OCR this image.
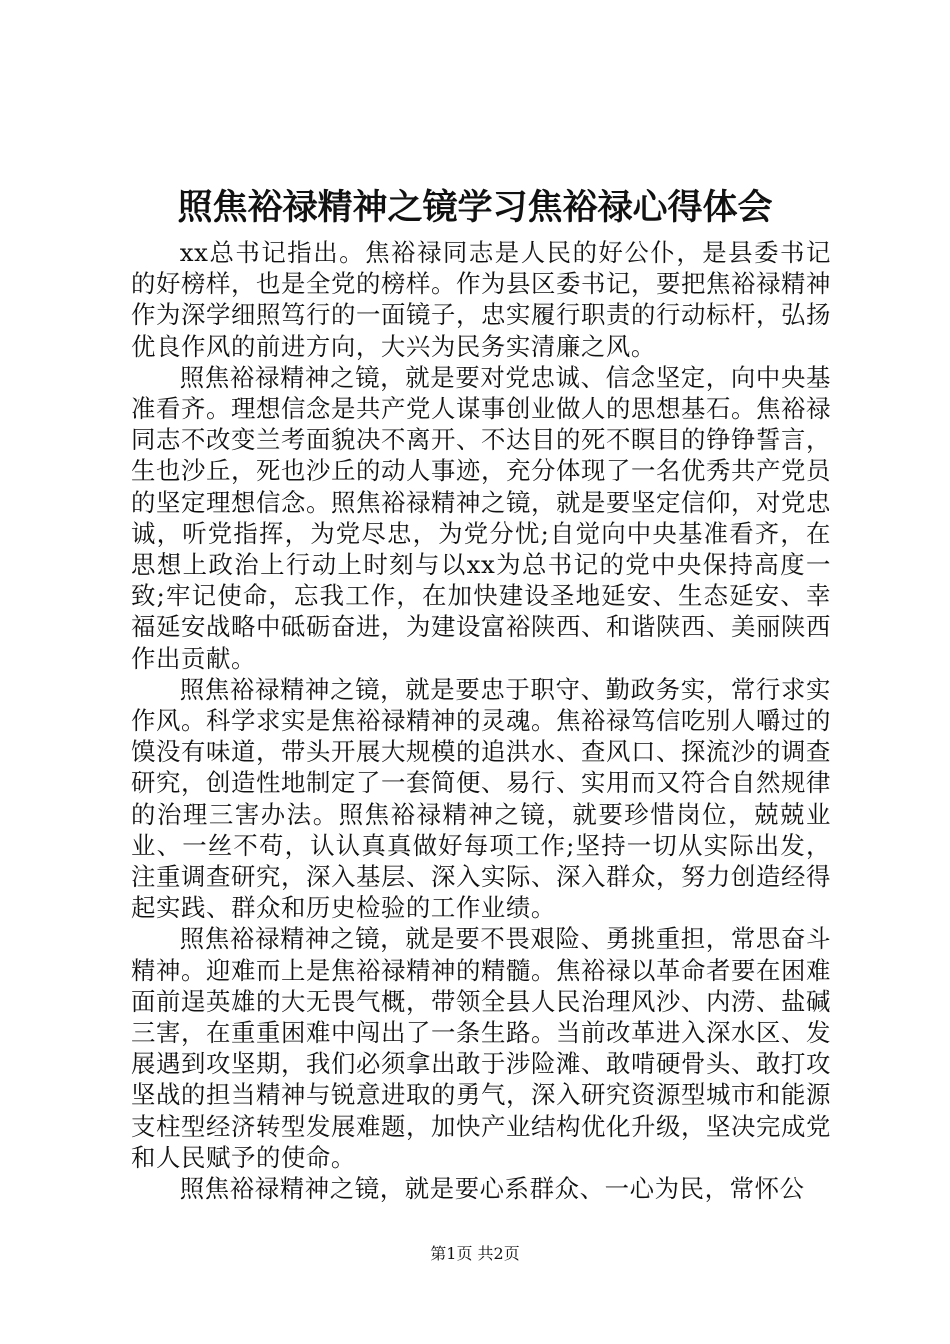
照焦裕禄精神之镜学习焦裕禄心得体会

xx总书记指出。焦裕禄同志是人民的好公仆，是县委书记的好榜样，也是全党的榜样。作为县区委书记，要把焦裕禄精神作为深学细照笃行的一面镜子，忠实履行职责的行动标杆，弘扬优良作风的前进方向，大兴为民务实清廉之风。

照焦裕禄精神之镜，就是要对党忠诚、信念坚定，向中央基准看齐。理想信念是共产党人谋事创业做人的思想基石。焦裕禄同志不改变兰考面貌决不离开、不达目的死不瞑目的铮铮誓言，生也沙丘，死也沙丘的动人事迹，充分体现了一名优秀共产党员的坚定理想信念。照焦裕禄精神之镜，就是要坚定信仰，对党忠诚，听党指挥，为党尽忠，为党分忧;自觉向中央基准看齐，在思想上政治上行动上时刻与以xx为总书记的党中央保持高度一致;牢记使命，忘我工作，在加快建设圣地延安、生态延安、幸福延安战略中砥砺奋进，为建设富裕陕西、和谐陕西、美丽陕西作出贡献。

照焦裕禄精神之镜，就是要忠于职守、勤政务实，常行求实作风。科学求实是焦裕禄精神的灵魂。焦裕禄笃信吃别人嚼过的馍没有味道，带头开展大规模的追洪水、查风口、探流沙的调查研究，创造性地制定了一套简便、易行、实用而又符合自然规律的治理三害办法。照焦裕禄精神之镜，就要珍惜岗位，兢兢业业、一丝不苟，认认真真做好每项工作;坚持一切从实际出发，注重调查研究，深入基层、深入实际、深入群众，努力创造经得起实践、群众和历史检验的工作业绩。

照焦裕禄精神之镜，就是要不畏艰险、勇挑重担，常思奋斗精神。迎难而上是焦裕禄精神的精髓。焦裕禄以革命者要在困难面前逞英雄的大无畏气概，带领全县人民治理风沙、内涝、盐碱三害，在重重困难中闯出了一条生路。当前改革进入深水区、发展遇到攻坚期，我们必须拿出敢于涉险滩、敢啃硬骨头、敢打攻坚战的担当精神与锐意进取的勇气，深入研究资源型城市和能源支柱型经济转型发展难题，加快产业结构优化升级，坚决完成党和人民赋予的使命。

照焦裕禄精神之镜，就是要心系群众、一心为民，常怀公

第1页 共2页
